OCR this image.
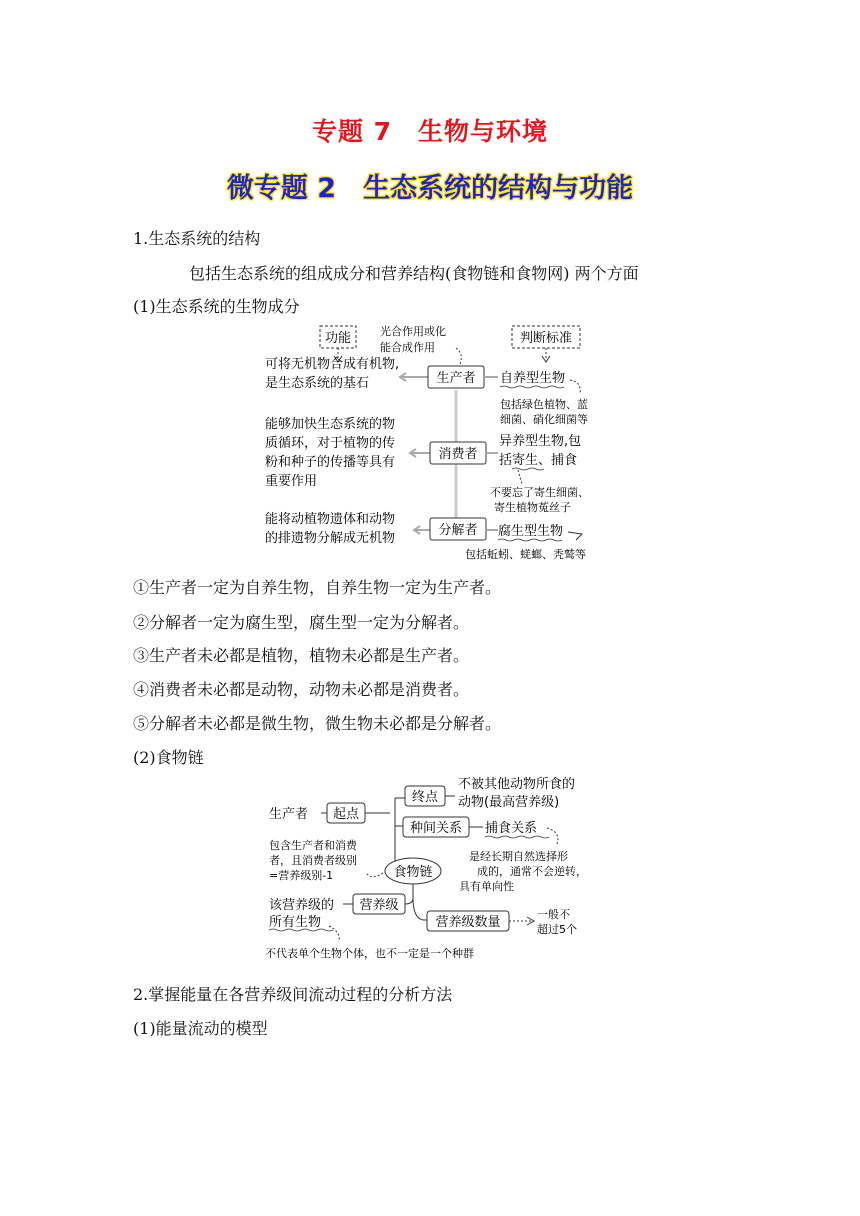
专题 7　生物与环境
微专题 2　生态系统的结构与功能
1.生态系统的结构
包括生态系统的组成成分和营养结构(食物链和食物网) 两个方面
(1)生态系统的生物成分
功能	判断标准
光合作用或化
能合成作用
可将无机物合成有机物,
是生态系统的基石	生产者 自养型生物
包括绿色植物、蓝
细菌、硝化细菌等
能够加快生态系统的物
质循环，对于植物的传
粉和种子的传播等具有
重要作用
消费者
异养型生物,包
括寄生、捕食
不要忘了寄生细菌、
寄生植物菟丝子
能将动植物遗体和动物
的排遗物分解成无机物
分解者 腐生型生物
包括蚯蚓、蜣螂、秃鹫等
①生产者一定为自养生物，自养生物一定为生产者。
②分解者一定为腐生型，腐生型一定为分解者。
③生产者未必都是植物，植物未必都是生产者。
④消费者未必都是动物，动物未必都是消费者。
⑤分解者未必都是微生物，微生物未必都是分解者。
(2)食物链
生产者 起点
终点
不被其他动物所食的
动物(最高营养级)
种间关系 捕食关系
是经长期自然选择形
成的，通常不会逆转，
具有单向性
食物链
包含生产者和消费
者，且消费者级别
=营养级别-1
营养级
该营养级的
所有生物	营养级数量
一般不
超过5个
不代表单个生物个体，也不一定是一个种群
2.掌握能量在各营养级间流动过程的分析方法
(1)能量流动的模型
